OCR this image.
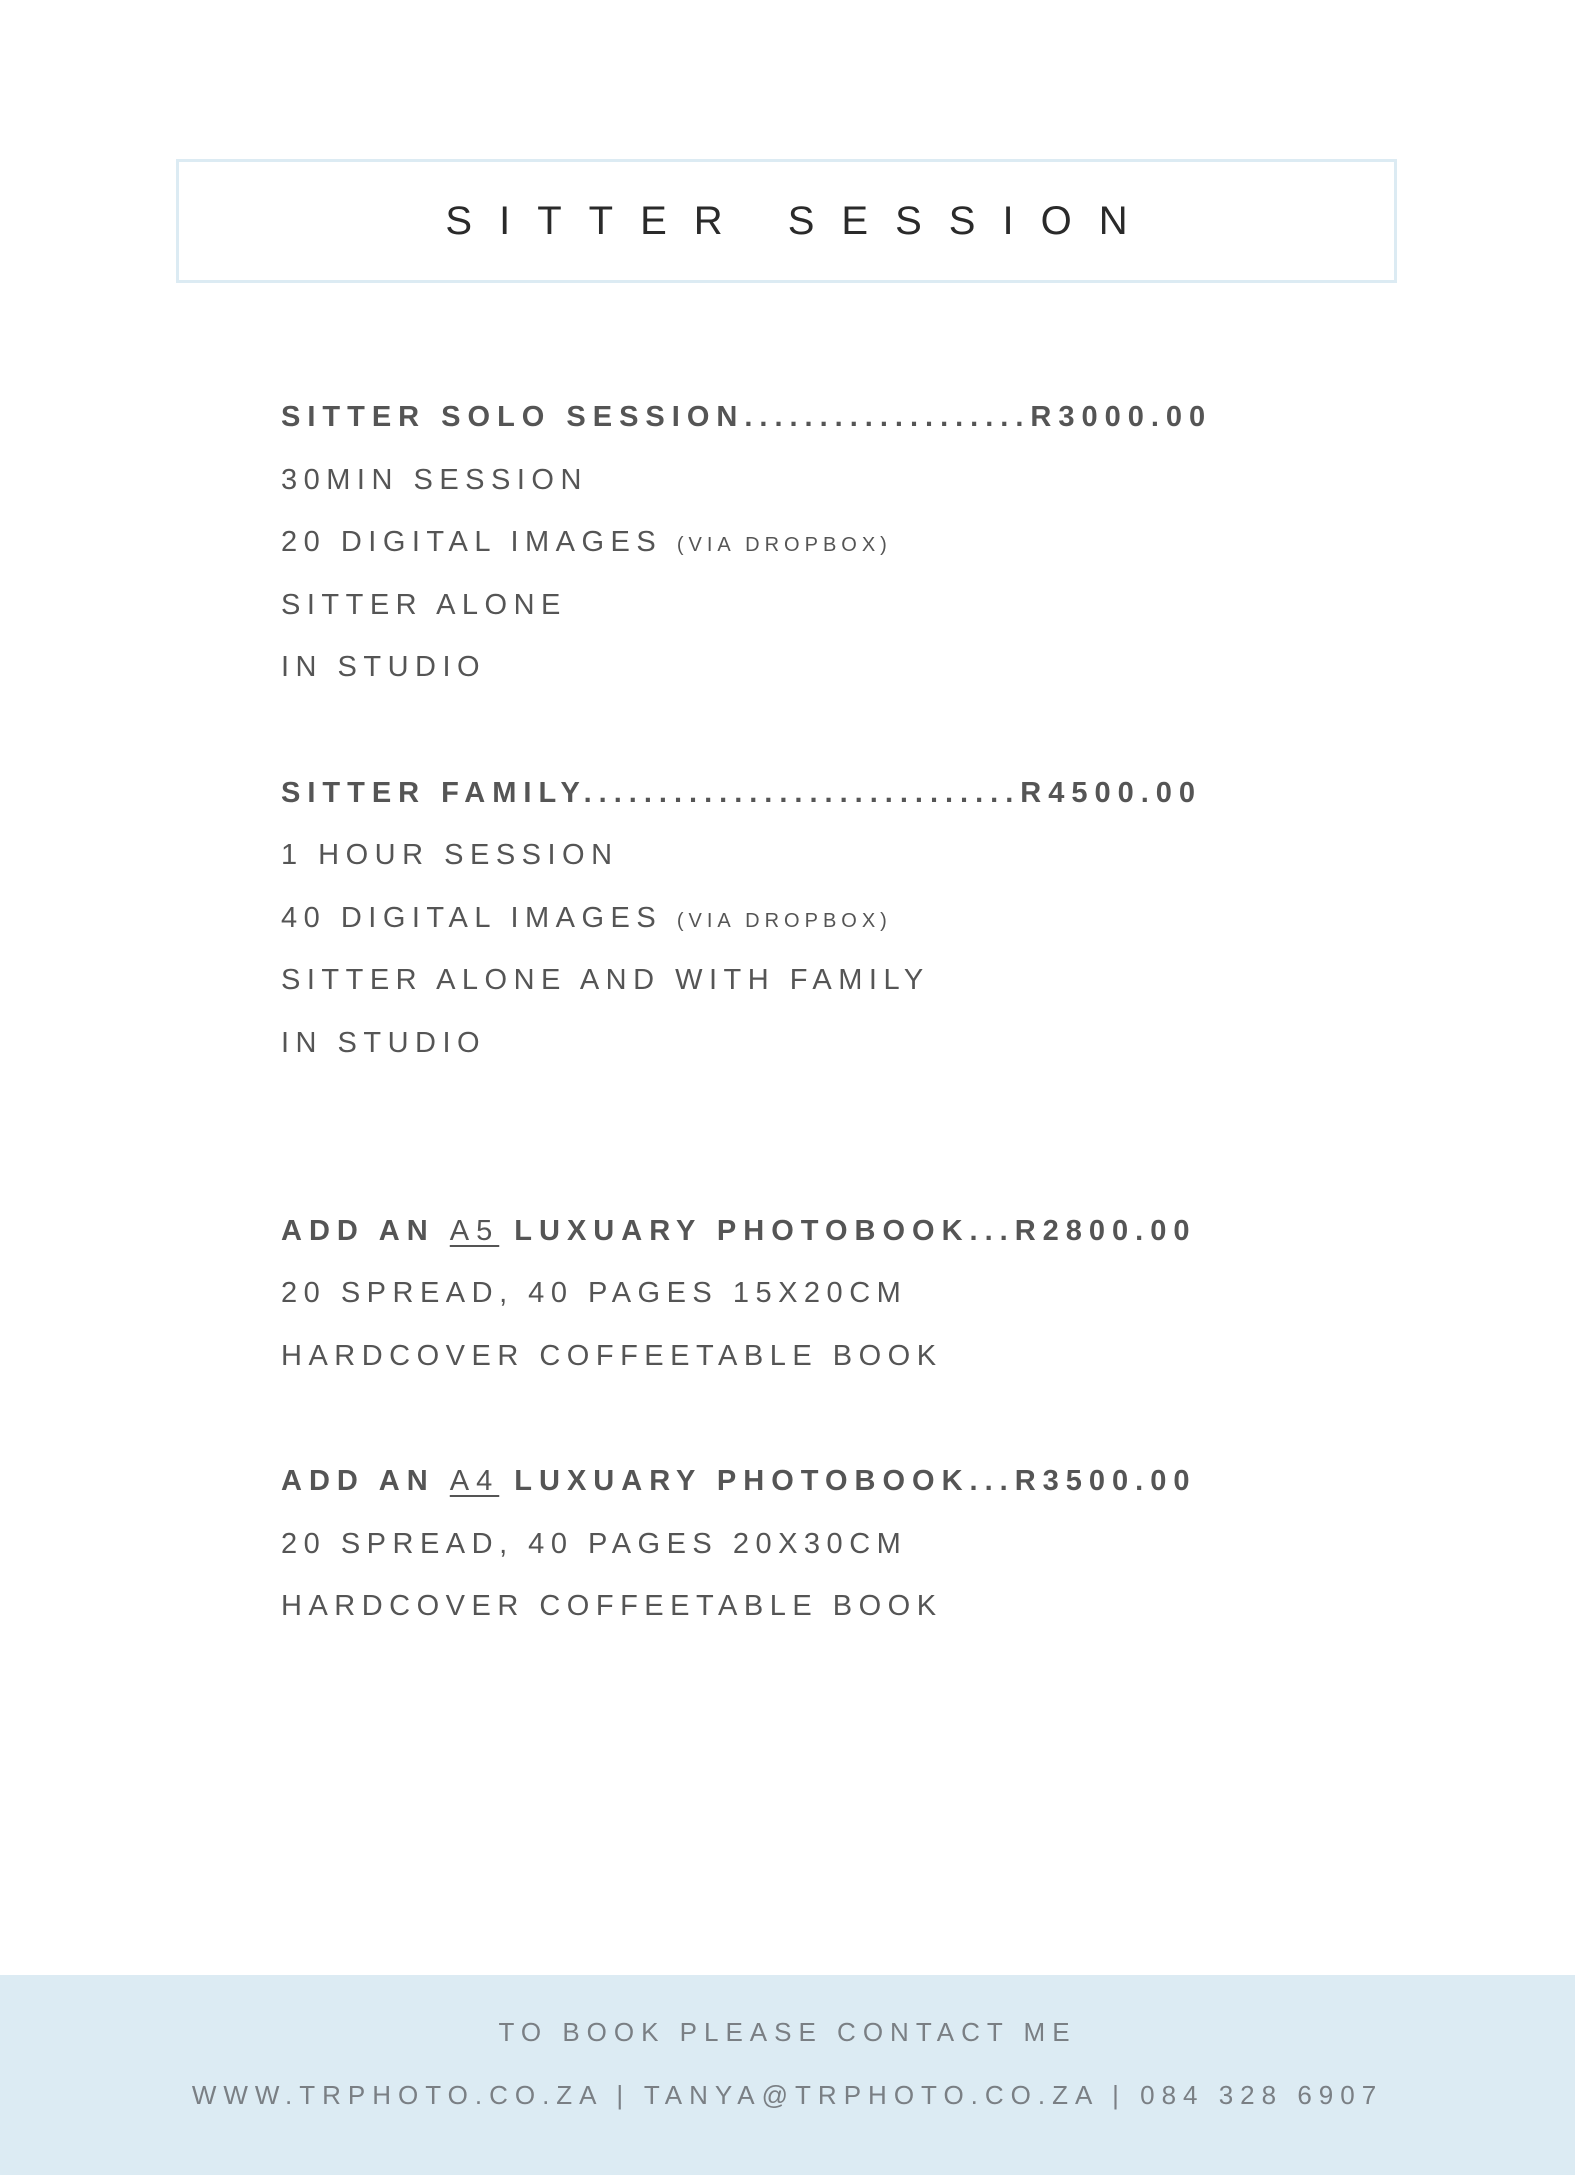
SITTER SESSION
SITTER SOLO SESSION...................R3000.00
30MIN SESSION
20 DIGITAL IMAGES (VIA DROPBOX)
SITTER ALONE
IN STUDIO
SITTER FAMILY.............................R4500.00
1 HOUR SESSION
40 DIGITAL IMAGES (VIA DROPBOX)
SITTER ALONE AND WITH FAMILY
IN STUDIO
ADD AN A5 LUXUARY PHOTOBOOK...R2800.00
20 SPREAD, 40 PAGES 15X20CM
HARDCOVER COFFEETABLE BOOK
ADD AN A4 LUXUARY PHOTOBOOK...R3500.00
20 SPREAD, 40 PAGES 20X30CM
HARDCOVER COFFEETABLE BOOK
TO BOOK PLEASE CONTACT ME
WWW.TRPHOTO.CO.ZA | TANYA@TRPHOTO.CO.ZA | 084 328 6907
